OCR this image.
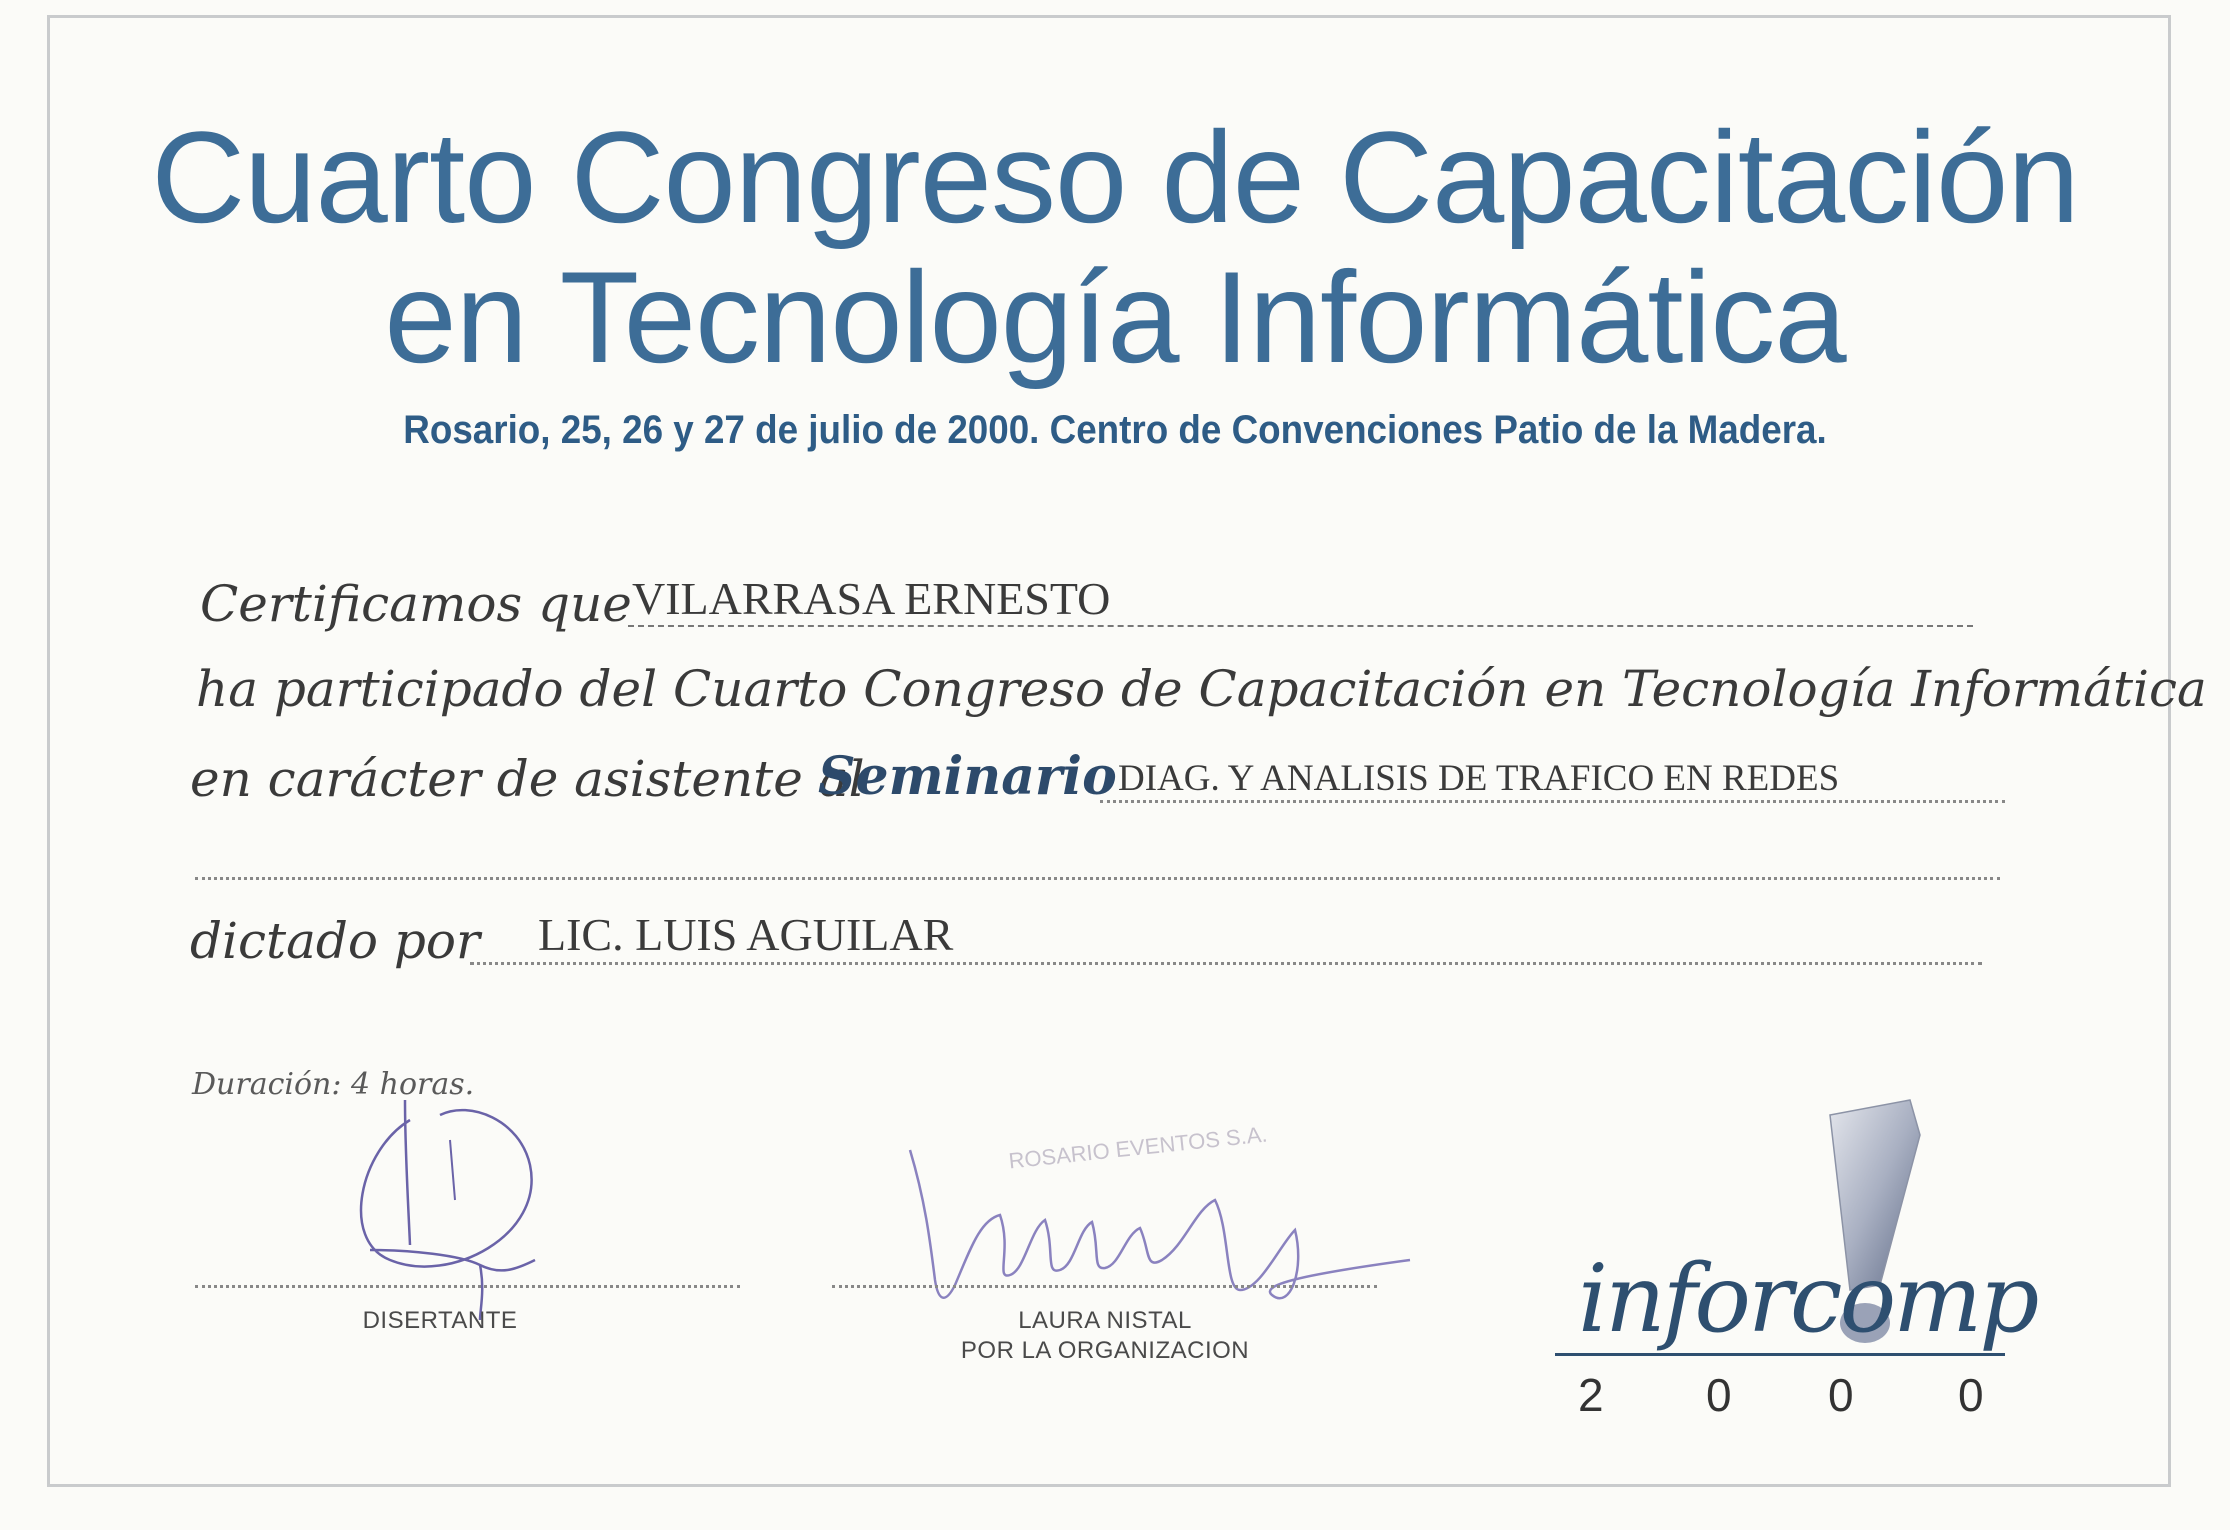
Cuarto Congreso de Capacitación
en Tecnología Informática
Rosario, 25, 26 y 27 de julio de 2000. Centro de Convenciones Patio de la Madera.
Certificamos que VILARRASA ERNESTO
ha participado del Cuarto Congreso de Capacitación en Tecnología Informática
en carácter de asistente al
Seminario DIAG. Y ANALISIS DE TRAFICO EN REDES
dictado por LIC. LUIS AGUILAR
Duración: 4 horas.
DISERTANTE
ROSARIO EVENTOS S.A.
LAURA NISTAL
POR LA ORGANIZACION	inforcomp
2 0 0 0
